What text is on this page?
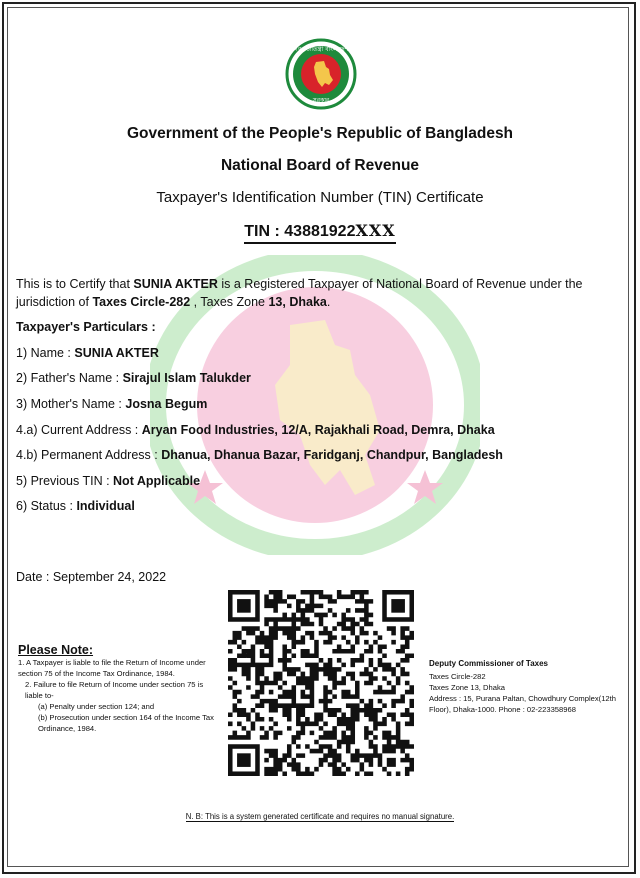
গণপ্রজাতন্ত্রী বাংলাদেশ
সরকার
Government of the People's Republic of Bangladesh
National Board of Revenue
Taxpayer's Identification Number (TIN) Certificate
TIN : 43881922XXX
This is to Certify that SUNIA AKTER is a Registered Taxpayer of National Board of Revenue under the jurisdiction of Taxes Circle-282 , Taxes Zone 13, Dhaka.
Taxpayer's Particulars :
1) Name : SUNIA AKTER
2) Father's Name : Sirajul Islam Talukder
3) Mother's Name : Josna Begum
4.a) Current Address : Aryan Food Industries, 12/A, Rajakhali Road, Demra, Dhaka
4.b) Permanent Address : Dhanua, Dhanua Bazar, Faridganj, Chandpur, Bangladesh
5) Previous TIN : Not Applicable
6) Status : Individual
Date : September 24, 2022
Please Note:
1. A Taxpayer is liable to file the Return of Income under section 75 of the Income Tax Ordinance, 1984.
2. Failure to file Return of Income under section 75 is liable to-
(a) Penalty under section 124; and
(b) Prosecution under section 164 of the Income Tax Ordinance, 1984.
Deputy Commissioner of Taxes
Taxes Circle-282
Taxes Zone 13, Dhaka
Address : 15, Purana Paltan, Chowdhury Complex(12th Floor), Dhaka-1000. Phone : 02-223358968
N. B: This is a system generated certificate and requires no manual signature.
